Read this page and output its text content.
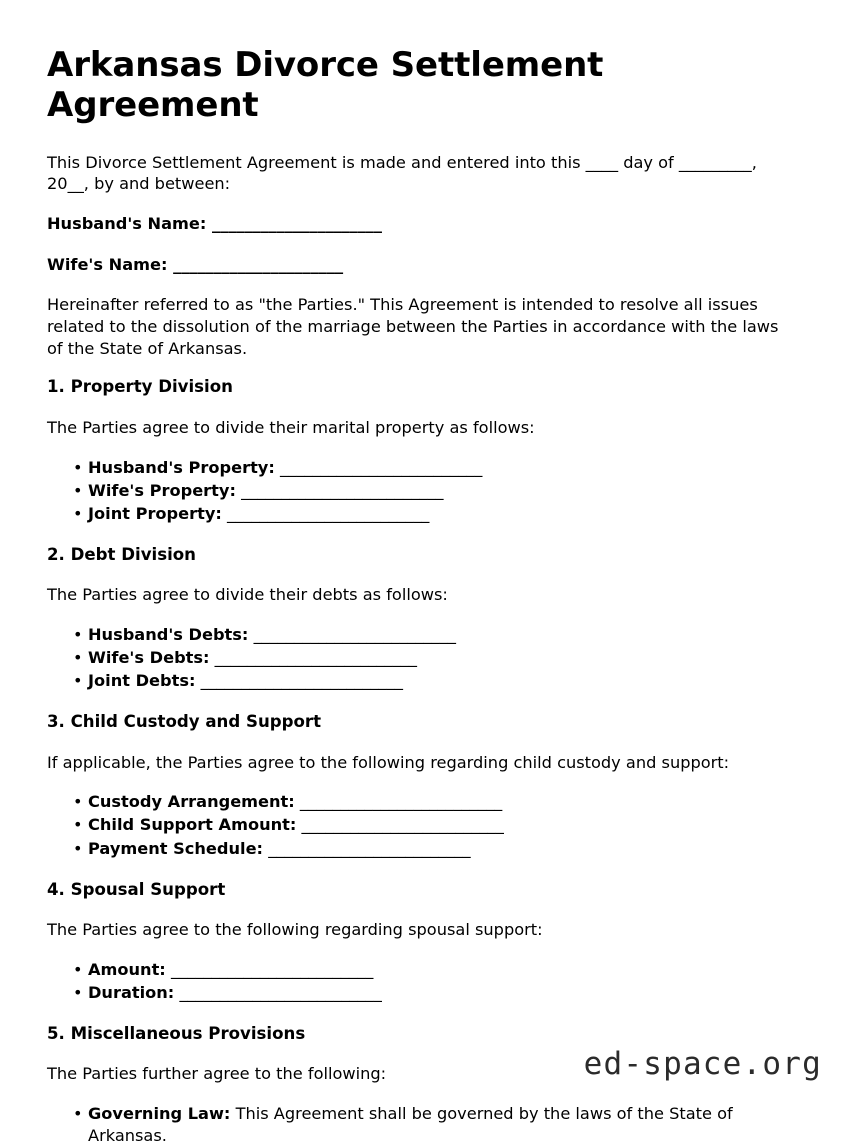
Arkansas Divorce Settlement Agreement

This Divorce Settlement Agreement is made and entered into this ____ day of _________, 20__, by and between:

Husband's Name: _____________________
Wife's Name: _____________________

Hereinafter referred to as "the Parties." This Agreement is intended to resolve all issues related to the dissolution of the marriage between the Parties in accordance with the laws of the State of Arkansas.

1. Property Division

The Parties agree to divide their marital property as follows:

• Husband's Property: _________________________
• Wife's Property: _________________________
• Joint Property: _________________________
2. Debt Division

The Parties agree to divide their debts as follows:

• Husband's Debts: _________________________
• Wife's Debts: _________________________
• Joint Debts: _________________________
3. Child Custody and Support

If applicable, the Parties agree to the following regarding child custody and support:

• Custody Arrangement: _________________________
• Child Support Amount: _________________________
• Payment Schedule: _________________________
4. Spousal Support

The Parties agree to the following regarding spousal support:

• Amount: _________________________
• Duration: _________________________
5. Miscellaneous Provisions

The Parties further agree to the following:

• Governing Law: This Agreement shall be governed by the laws of the State of Arkansas.
ed-space.org
